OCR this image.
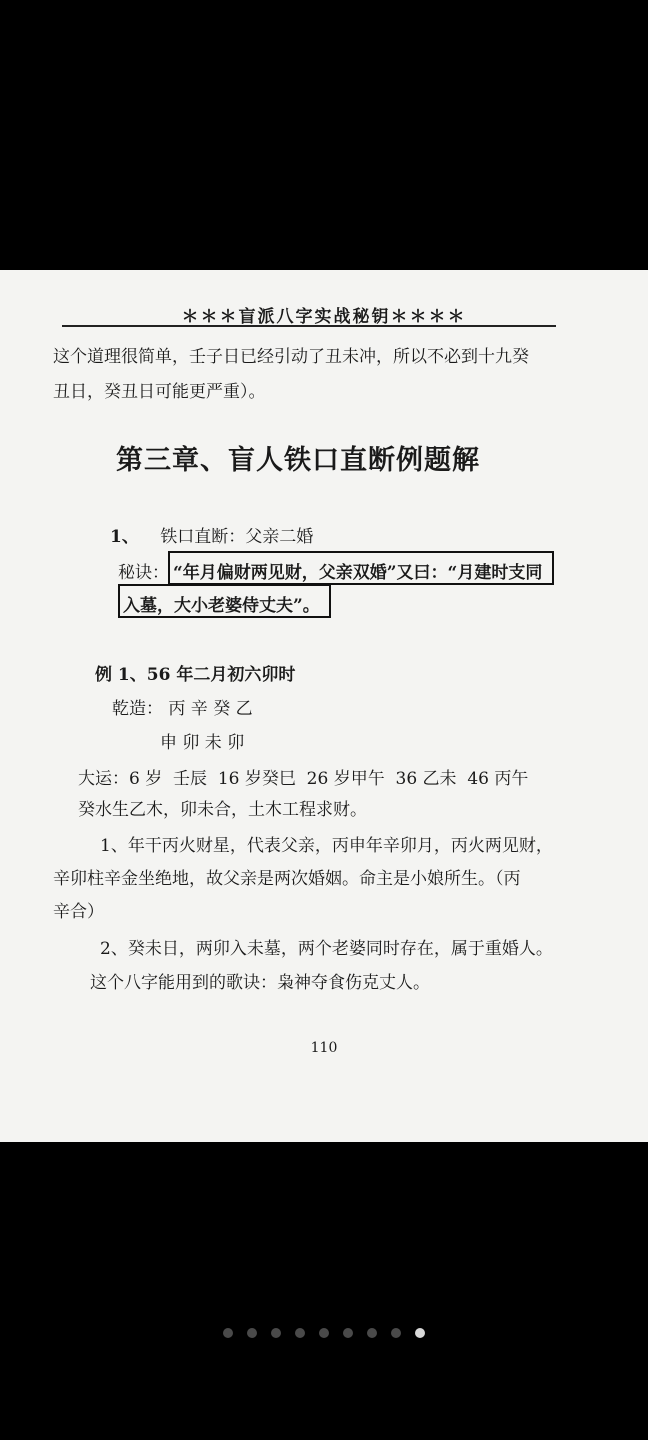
＊＊＊盲派八字实战秘钥＊＊＊＊
这个道理很简单，壬子日已经引动了丑未冲，所以不必到十九癸
丑日，癸丑日可能更严重）。
第三章、盲人铁口直断例题解
1、 铁口直断：父亲二婚
秘诀： “年月偏财两见财，父亲双婚”又曰：“月建时支同
入墓，大小老婆侍丈夫”。
例 1、56 年二月初六卯时
乾造： 丙 辛 癸 乙
申 卯 未 卯
大运：6 岁  壬辰  16 岁癸巳  26 岁甲午  36 乙未  46 丙午
癸水生乙木，卯未合，土木工程求财。
1、年干丙火财星，代表父亲，丙申年辛卯月，丙火两见财，
辛卯柱辛金坐绝地，故父亲是两次婚姻。命主是小娘所生。（丙
辛合）
2、癸未日，两卯入未墓，两个老婆同时存在，属于重婚人。
这个八字能用到的歌诀：枭神夺食伤克丈人。
110
